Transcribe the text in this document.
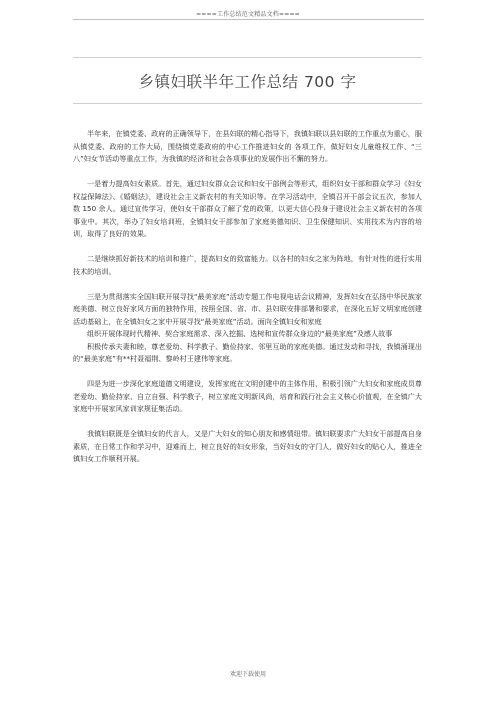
====工作总结范文精品文档====
乡镇妇联半年工作总结 700 字

半年来，在镇党委、政府的正确领导下，在县妇联的精心指导下，我镇妇联以县妇联的工作重点为重心，服从镇党委、政府的工作大局，围绕镇党委政府的中心工作推进妇女的 各项工作，做好妇女儿童维权工作、“三八”妇女节活动等重点工作，为我镇的经济和社会各项事业的发展作出不懈的努力。

一是着力提高妇女素质。首先，通过妇女群众会议和妇女干部例会等形式，组织妇女干部和群众学习《妇女权益保障法》、《婚姻法》，建设社会主义新农村的有关知识等。在学习活动中，全镇召开干部会议五次，参加人数 150 余人。通过宣传学习，使妇女干部群众了解了党的政策，以更大信心投身于建设社会主义新农村的各项事业中。其次，举办了妇女培训班，全镇妇女干部参加了家庭美德知识、卫生保健知识、实用技术为内容的培训，取得了良好的效果。

二是继续抓好新技术的培训和推广，提高妇女的致富能力。以各村的妇女之家为阵地，有针对性的进行实用技术的培训。

三是为贯彻落实全国妇联开展寻找“最美家庭”活动专题工作电视电话会议精神，发挥妇女在弘扬中华民族家庭美德、树立良好家风方面的独特作用，按照全国、省、市、县妇联安排部署和要求，在深化五好文明家庭创建活动基础上，在全镇妇女之家中开展寻找“最美家庭”活动。面向全镇妇女和家庭

组织开展体现时代精神、契合家庭需求、深入挖掘、选树和宣传群众身边的“最美家庭”及感人故事

积极传承夫妻和睦、尊老爱幼、科学教子、勤俭持家、邻里互助的家庭美德。通过发动和寻找，我镇涌现出的“最美家庭”有**村聂福荆、黎岭村王建伟等家庭。

四是为进一步深化家庭道德文明建设，发挥家庭在文明创建中的主体作用，积极引领广大妇女和家庭成员尊老爱幼、勤俭持家、自立自强、科学教子，树立家庭文明新风尚，培育和践行社会主义核心价值观，在全镇广大家庭中开展家风家训家规征集活动。

我镇妇联既是全镇妇女的代言人，又是广大妇女的知心朋友和感情纽带。镇妇联要求广大妇女干部提高自身素质，在日常工作和学习中，迎难而上，树立良好的妇女形象，当好妇女的守门人，做好妇女的贴心人，推进全镇妇女工作顺利开展。

欢迎下载使用
